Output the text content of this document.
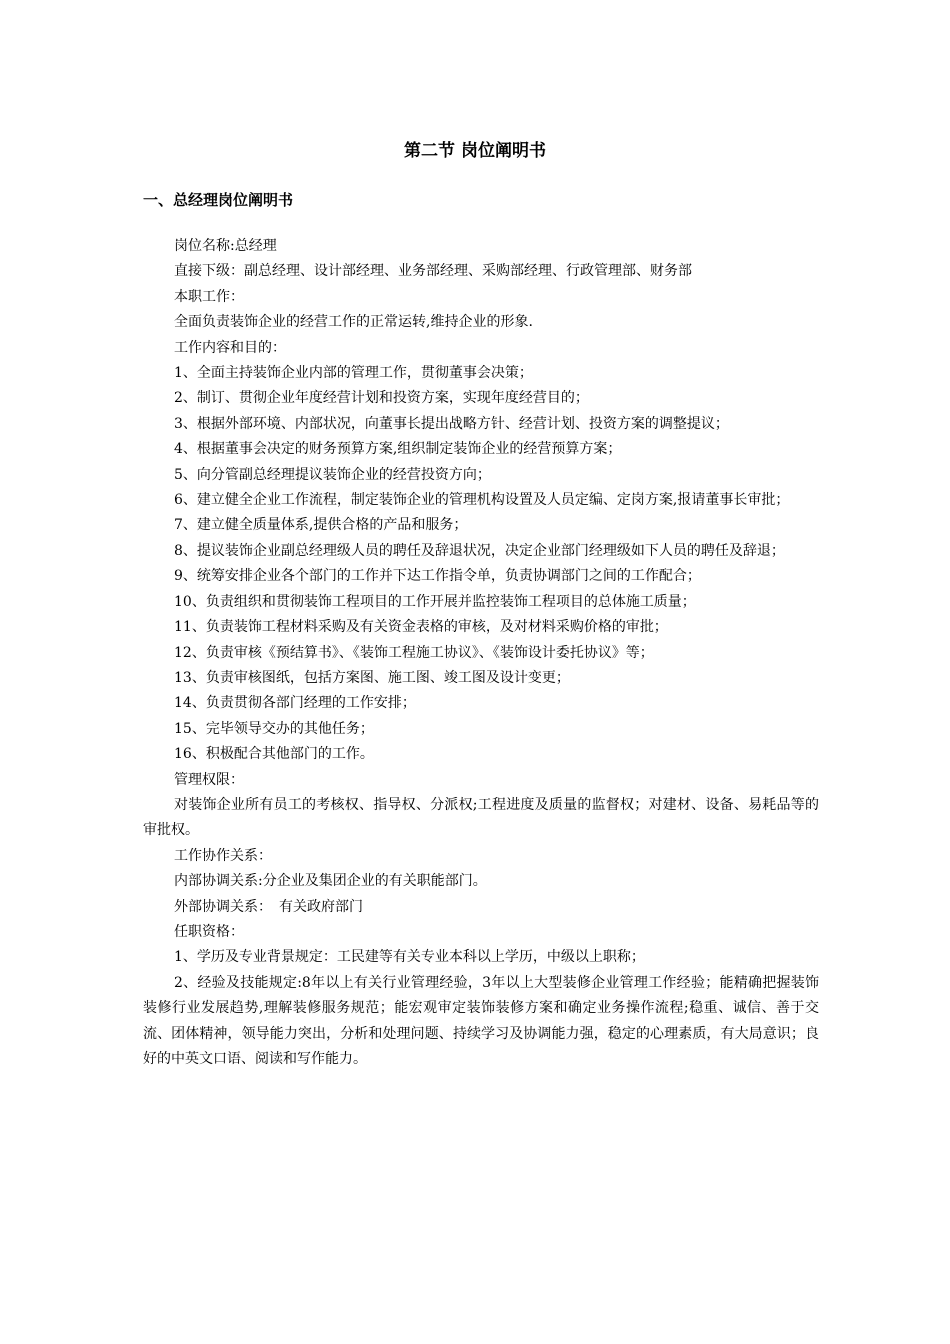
第二节 岗位阐明书
一、总经理岗位阐明书

岗位名称:总经理

直接下级：副总经理、设计部经理、业务部经理、采购部经理、行政管理部、财务部

本职工作：

全面负责装饰企业的经营工作的正常运转,维持企业的形象.

工作内容和目的：

1、全面主持装饰企业内部的管理工作，贯彻董事会决策；

2、制订、贯彻企业年度经营计划和投资方案，实现年度经营目的；

3、根据外部环境、内部状况，向董事长提出战略方针、经营计划、投资方案的调整提议；

4、根据董事会决定的财务预算方案,组织制定装饰企业的经营预算方案；

5、向分管副总经理提议装饰企业的经营投资方向；

6、建立健全企业工作流程，制定装饰企业的管理机构设置及人员定编、定岗方案,报请董事长审批；

7、建立健全质量体系,提供合格的产品和服务；

8、提议装饰企业副总经理级人员的聘任及辞退状况，决定企业部门经理级如下人员的聘任及辞退；

9、统筹安排企业各个部门的工作并下达工作指令单，负责协调部门之间的工作配合；

10、负责组织和贯彻装饰工程项目的工作开展并监控装饰工程项目的总体施工质量；

11、负责装饰工程材料采购及有关资金表格的审核，及对材料采购价格的审批；

12、负责审核《预结算书》、《装饰工程施工协议》、《装饰设计委托协议》等；

13、负责审核图纸，包括方案图、施工图、竣工图及设计变更；

14、负责贯彻各部门经理的工作安排；

15、完毕领导交办的其他任务；

16、积极配合其他部门的工作。

管理权限：

对装饰企业所有员工的考核权、指导权、分派权;工程进度及质量的监督权；对建材、设备、易耗品等的审批权。

工作协作关系：

内部协调关系:分企业及集团企业的有关职能部门。

外部协调关系：　有关政府部门

任职资格：

1、学历及专业背景规定：工民建等有关专业本科以上学历，中级以上职称；

2、经验及技能规定:8年以上有关行业管理经验，3年以上大型装修企业管理工作经验；能精确把握装饰装修行业发展趋势,理解装修服务规范；能宏观审定装饰装修方案和确定业务操作流程;稳重、诚信、善于交流、团体精神，领导能力突出，分析和处理问题、持续学习及协调能力强，稳定的心理素质，有大局意识；良好的中英文口语、阅读和写作能力。
